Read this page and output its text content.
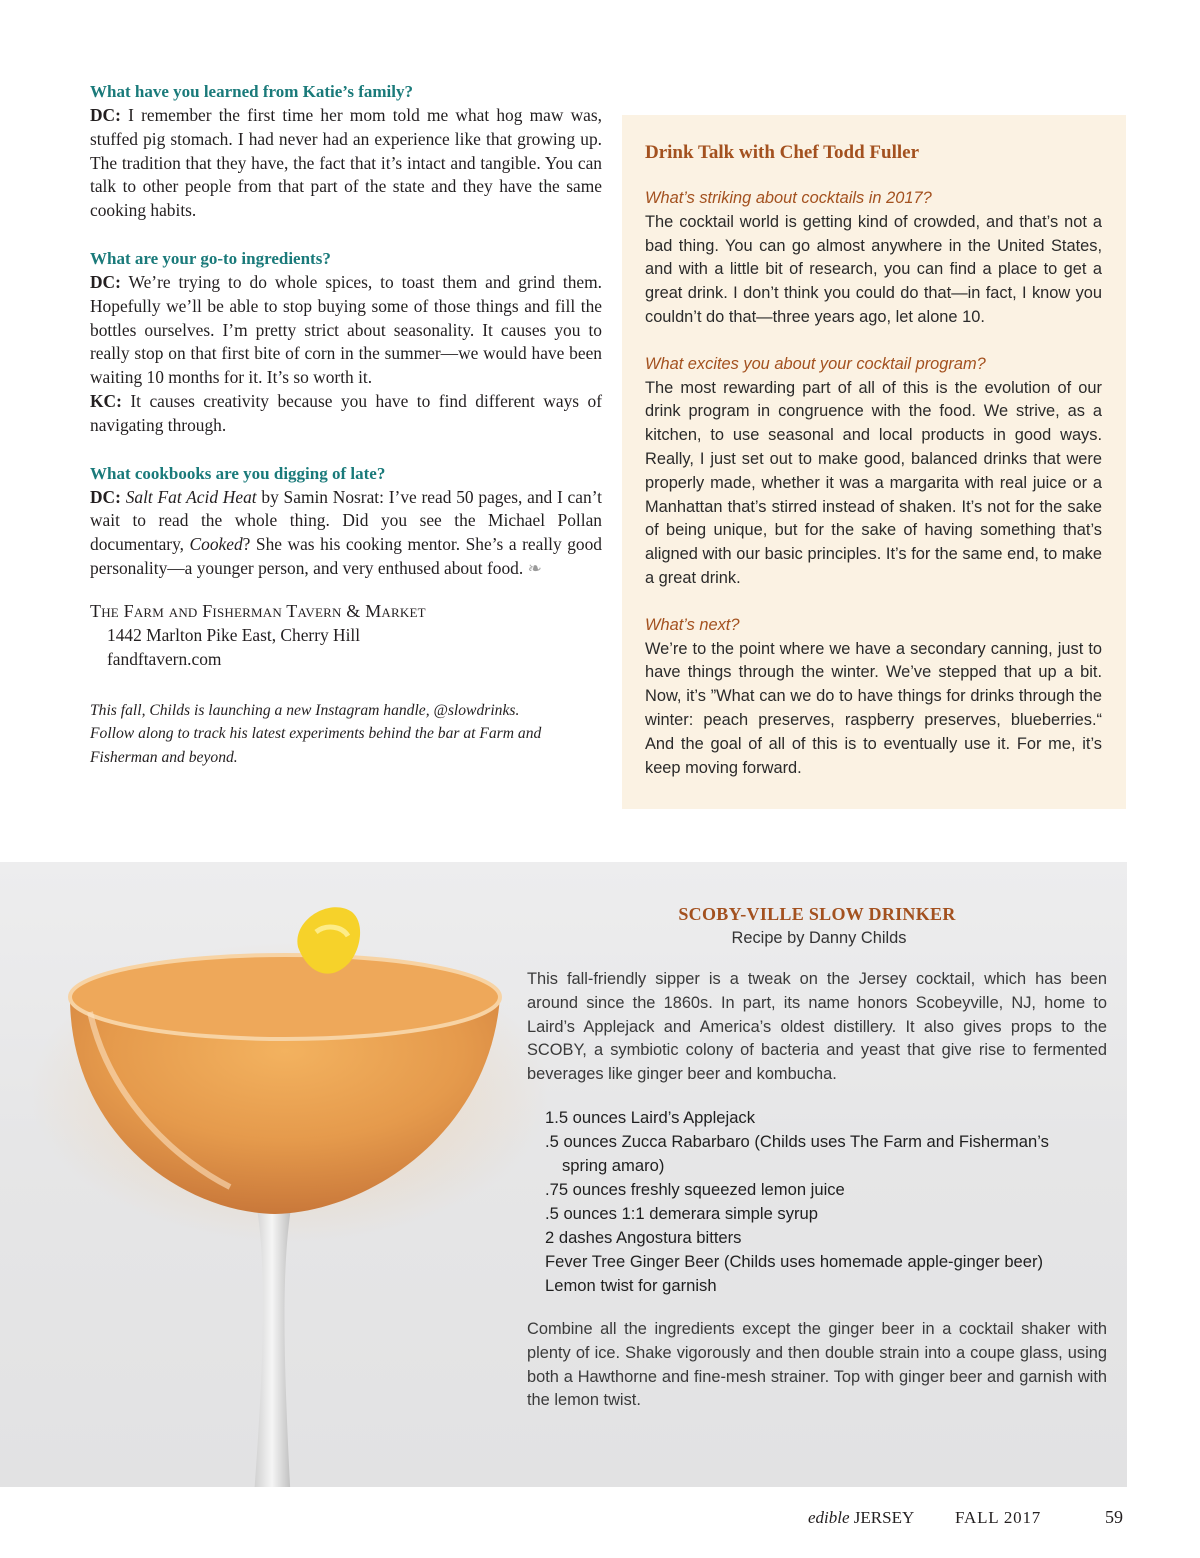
What have you learned from Katie’s family?

DC: I remember the first time her mom told me what hog maw was, stuffed pig stomach. I had never had an experience like that growing up. The tradition that they have, the fact that it’s intact and tangible. You can talk to other people from that part of the state and they have the same cooking habits.

What are your go-to ingredients?

DC: We’re trying to do whole spices, to toast them and grind them. Hopefully we’ll be able to stop buying some of those things and fill the bottles ourselves. I’m pretty strict about seasonality. It causes you to really stop on that first bite of corn in the summer—we would have been waiting 10 months for it. It’s so worth it.

KC: It causes creativity because you have to find different ways of navigating through.

What cookbooks are you digging of late?

DC: Salt Fat Acid Heat by Samin Nosrat: I’ve read 50 pages, and I can’t wait to read the whole thing. Did you see the Michael Pollan documentary, Cooked? She was his cooking mentor. She’s a really good personality—a younger person, and very enthused about food. ❧

The Farm and Fisherman Tavern & Market
1442 Marlton Pike East, Cherry Hill
fandftavern.com

This fall, Childs is launching a new Instagram handle, @slowdrinks. Follow along to track his latest experiments behind the bar at Farm and Fisherman and beyond.

Drink Talk with Chef Todd Fuller
What’s striking about cocktails in 2017?

The cocktail world is getting kind of crowded, and that’s not a bad thing. You can go almost anywhere in the United States, and with a little bit of research, you can find a place to get a great drink. I don’t think you could do that—in fact, I know you couldn’t do that—three years ago, let alone 10.

What excites you about your cocktail program?

The most rewarding part of all of this is the evolution of our drink program in congruence with the food. We strive, as a kitchen, to use seasonal and local products in good ways. Really, I just set out to make good, balanced drinks that were properly made, whether it was a margarita with real juice or a Manhattan that’s stirred instead of shaken. It’s not for the sake of being unique, but for the sake of having something that’s aligned with our basic principles. It’s for the same end, to make a great drink.

What’s next?

We’re to the point where we have a secondary canning, just to have things through the winter. We’ve stepped that up a bit. Now, it’s ”What can we do to have things for drinks through the winter: peach preserves, raspberry preserves, blueberries.“ And the goal of all of this is to eventually use it. For me, it’s keep moving forward.

SCOBY-VILLE SLOW DRINKER
Recipe by Danny Childs

This fall-friendly sipper is a tweak on the Jersey cocktail, which has been around since the 1860s. In part, its name honors Scobeyville, NJ, home to Laird’s Applejack and America’s oldest distillery. It also gives props to the SCOBY, a symbiotic colony of bacteria and yeast that give rise to fermented beverages like ginger beer and kombucha.

1.5 ounces Laird’s Applejack
.5 ounces Zucca Rabarbaro (Childs uses The Farm and Fisherman’s
spring amaro)
.75 ounces freshly squeezed lemon juice
.5 ounces 1:1 demerara simple syrup
2 dashes Angostura bitters
Fever Tree Ginger Beer (Childs uses homemade apple-ginger beer)
Lemon twist for garnish

Combine all the ingredients except the ginger beer in a cocktail shaker with plenty of ice. Shake vigorously and then double strain into a coupe glass, using both a Hawthorne and fine-mesh strainer. Top with ginger beer and garnish with the lemon twist.

edible JERSEY FALL 2017	59
